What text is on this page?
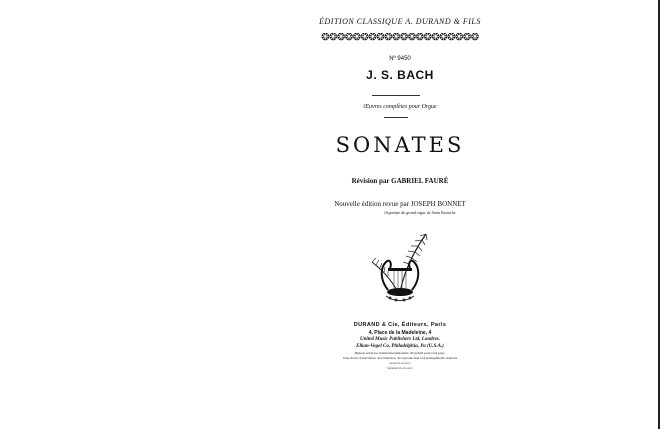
ÉDITION CLASSIQUE A. DURAND & FILS
❂❂❂❂❂❂❂❂❂❂❂❂❂❂❂❂❂❂❂❂
Nº 9450
J. S. BACH
Œuvres complètes pour Orgue
SONATES
Révision par GABRIEL FAURÉ
Nouvelle édition revue par JOSEPH BONNET
Organiste du grand orgue de Saint Eustache
DURAND & Cie, Éditeurs, Paris
4, Place de la Madeleine, 4
United Music Publishers Ltd, Londres.
Elkan-Vogel Co, Philadelphia, Pa (U.S.A.)
Déposé selon les traités internationaux. Propriété pour tous pays.
Tous droits d'exécution, de traduction, de reproduction et d'arrangements réservés
MADE IN FRANCE
IMPRIMÉ EN FRANCE
